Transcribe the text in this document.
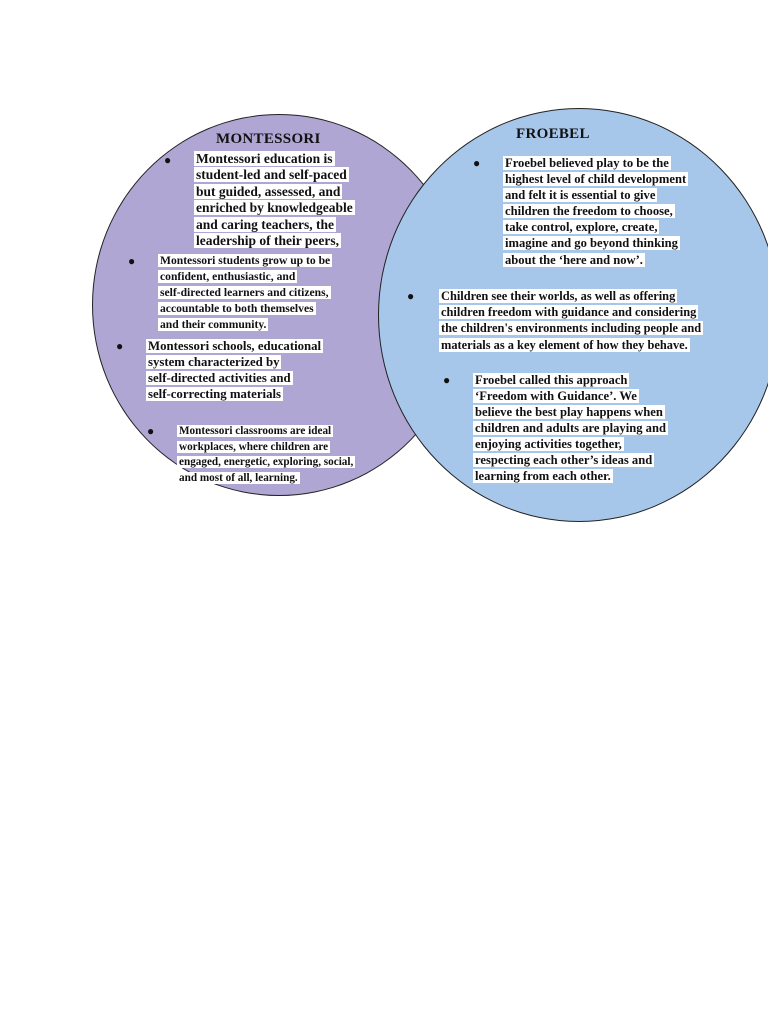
MONTESSORI	FROEBEL
● Montessori education is
student-led and self-paced
but guided, assessed, and
enriched by knowledgeable
and caring teachers, the
leadership of their peers,
● Montessori students grow up to be
confident, enthusiastic, and
self-directed learners and citizens,
accountable to both themselves
and their community.
● Montessori schools, educational
system characterized by
self-directed activities and
self-correcting materials
● Montessori classrooms are ideal
workplaces, where children are
engaged, energetic, exploring, social,
and most of all, learning.
● Froebel believed play to be the
highest level of child development
and felt it is essential to give
children the freedom to choose,
take control, explore, create,
imagine and go beyond thinking
about the ‘here and now’.
● Children see their worlds, as well as offering
children freedom with guidance and considering
the children's environments including people and
materials as a key element of how they behave.
● Froebel called this approach
‘Freedom with Guidance’. We
believe the best play happens when
children and adults are playing and
enjoying activities together,
respecting each other’s ideas and
learning from each other.
